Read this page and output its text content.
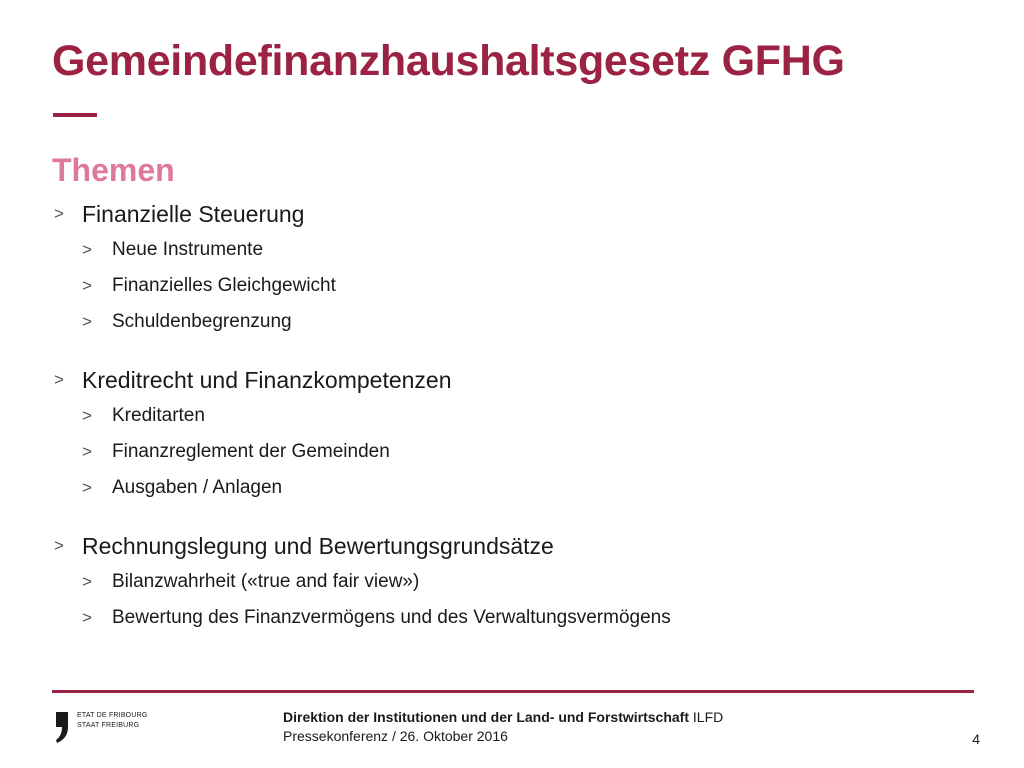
Gemeindefinanzhaushaltsgesetz GFHG
Themen
> Finanzielle Steuerung
> Neue Instrumente
> Finanzielles Gleichgewicht
> Schuldenbegrenzung
> Kreditrecht und Finanzkompetenzen
> Kreditarten
> Finanzreglement der Gemeinden
> Ausgaben / Anlagen
> Rechnungslegung und Bewertungsgrundsätze
> Bilanzwahrheit («true and fair view»)
> Bewertung des Finanzvermögens und des Verwaltungsvermögens
ETAT DE FRIBOURG
STAAT FREIBURG
Direktion der Institutionen und der Land- und Forstwirtschaft ILFD
Pressekonferenz / 26. Oktober 2016	4
